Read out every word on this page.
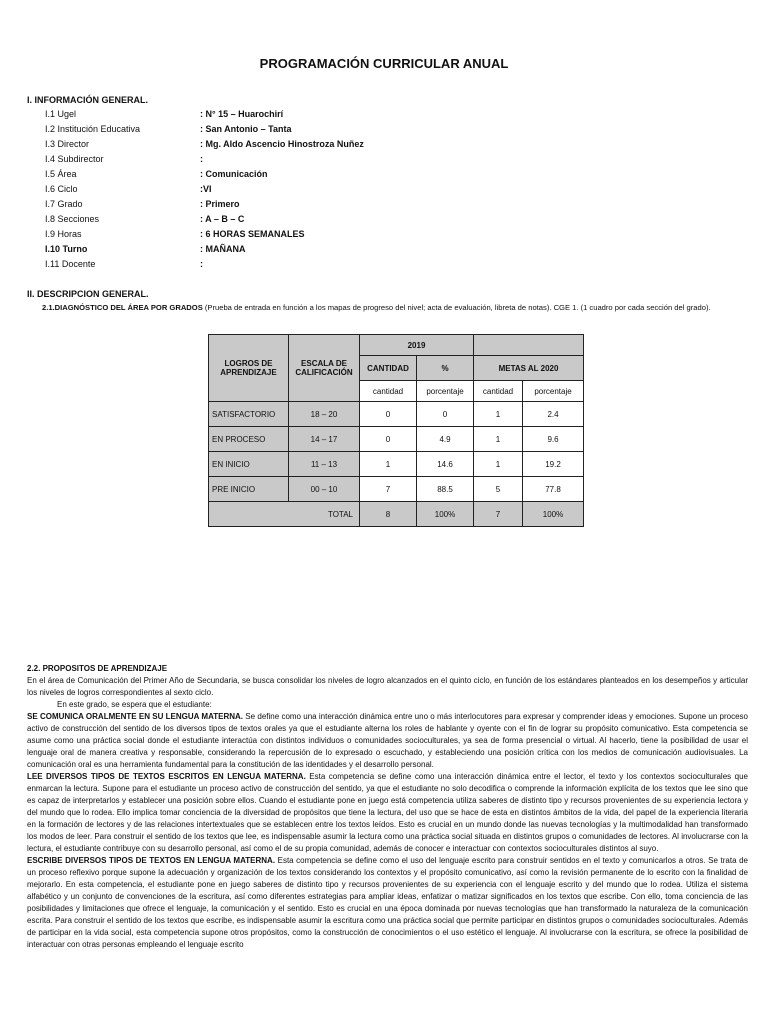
PROGRAMACIÓN CURRICULAR ANUAL
I. INFORMACIÓN GENERAL.
I.1 Ugel	: N° 15 – Huarochirí
I.2 Institución Educativa	: San Antonio – Tanta
I.3 Director	: Mg. Aldo Ascencio Hinostroza Nuñez
I.4 Subdirector	:
I.5 Área	: Comunicación
I.6 Ciclo	:VI
I.7 Grado	: Primero
I.8 Secciones	: A – B – C
I.9 Horas	: 6 HORAS SEMANALES
I.10 Turno	: MAÑANA
I.11 Docente	:
II. DESCRIPCION GENERAL.
2.1.DIAGNÓSTICO DEL ÁREA POR GRADOS (Prueba de entrada en función a los mapas de progreso del nivel; acta de evaluación, libreta de notas). CGE 1. (1 cuadro por cada sección del grado).
LOGROS DE APRENDIZAJE	ESCALA DE CALIFICACIÓN	2019			
		CANTIDAD	%	METAS AL 2020	
		cantidad	porcentaje	cantidad	porcentaje
SATISFACTORIO	18 – 20	0	0	1	2.4
EN PROCESO	14 – 17	0	4.9	1	9.6
EN INICIO	11 – 13	1	14.6	1	19.2
PRE INICIO	00 – 10	7	88.5	5	77.8
TOTAL		8	100%	7	100%

2.2. PROPOSITOS DE APRENDIZAJE

En el área de Comunicación del Primer Año de Secundaria, se busca consolidar los niveles de logro alcanzados en el quinto ciclo, en función de los estándares planteados en los desempeños y articular los niveles de logros correspondientes al sexto ciclo.

En este grado, se espera que el estudiante:

SE COMUNICA ORALMENTE EN SU LENGUA MATERNA. Se define como una interacción dinámica entre uno o más interlocutores para expresar y comprender ideas y emociones. Supone un proceso activo de construcción del sentido de los diversos tipos de textos orales ya que el estudiante alterna los roles de hablante y oyente con el fin de lograr su propósito comunicativo. Esta competencia se asume como una práctica social donde el estudiante interactúa con distintos individuos o comunidades socioculturales, ya sea de forma presencial o virtual. Al hacerlo, tiene la posibilidad de usar el lenguaje oral de manera creativa y responsable, considerando la repercusión de lo expresado o escuchado, y estableciendo una posición crítica con los medios de comunicación audiovisuales. La comunicación oral es una herramienta fundamental para la constitución de las identidades y el desarrollo personal.

LEE DIVERSOS TIPOS DE TEXTOS ESCRITOS EN LENGUA MATERNA. Esta competencia se define como una interacción dinámica entre el lector, el texto y los contextos socioculturales que enmarcan la lectura. Supone para el estudiante un proceso activo de construcción del sentido, ya que el estudiante no solo decodifica o comprende la información explícita de los textos que lee sino que es capaz de interpretarlos y establecer una posición sobre ellos. Cuando el estudiante pone en juego está competencia utiliza saberes de distinto tipo y recursos provenientes de su experiencia lectora y del mundo que lo rodea. Ello implica tomar conciencia de la diversidad de propósitos que tiene la lectura, del uso que se hace de esta en distintos ámbitos de la vida, del papel de la experiencia literaria en la formación de lectores y de las relaciones intertextuales que se establecen entre los textos leídos. Esto es crucial en un mundo donde las nuevas tecnologías y la multimodalidad han transformado los modos de leer. Para construir el sentido de los textos que lee, es indispensable asumir la lectura como una práctica social situada en distintos grupos o comunidades de lectores. Al involucrarse con la lectura, el estudiante contribuye con su desarrollo personal, así como el de su propia comunidad, además de conocer e interactuar con contextos socioculturales distintos al suyo.

ESCRIBE DIVERSOS TIPOS DE TEXTOS EN LENGUA MATERNA. Esta competencia se define como el uso del lenguaje escrito para construir sentidos en el texto y comunicarlos a otros. Se trata de un proceso reflexivo porque supone la adecuación y organización de los textos considerando los contextos y el propósito comunicativo, así como la revisión permanente de lo escrito con la finalidad de mejorarlo. En esta competencia, el estudiante pone en juego saberes de distinto tipo y recursos provenientes de su experiencia con el lenguaje escrito y del mundo que lo rodea. Utiliza el sistema alfabético y un conjunto de convenciones de la escritura, así como diferentes estrategias para ampliar ideas, enfatizar o matizar significados en los textos que escribe. Con ello, toma conciencia de las posibilidades y limitaciones que ofrece el lenguaje, la comunicación y el sentido. Esto es crucial en una época dominada por nuevas tecnologías que han transformado la naturaleza de la comunicación escrita. Para construir el sentido de los textos que escribe, es indispensable asumir la escritura como una práctica social que permite participar en distintos grupos o comunidades socioculturales. Además de participar en la vida social, esta competencia supone otros propósitos, como la construcción de conocimientos o el uso estético el lenguaje. Al involucrarse con la escritura, se ofrece la posibilidad de interactuar con otras personas empleando el lenguaje escrito
